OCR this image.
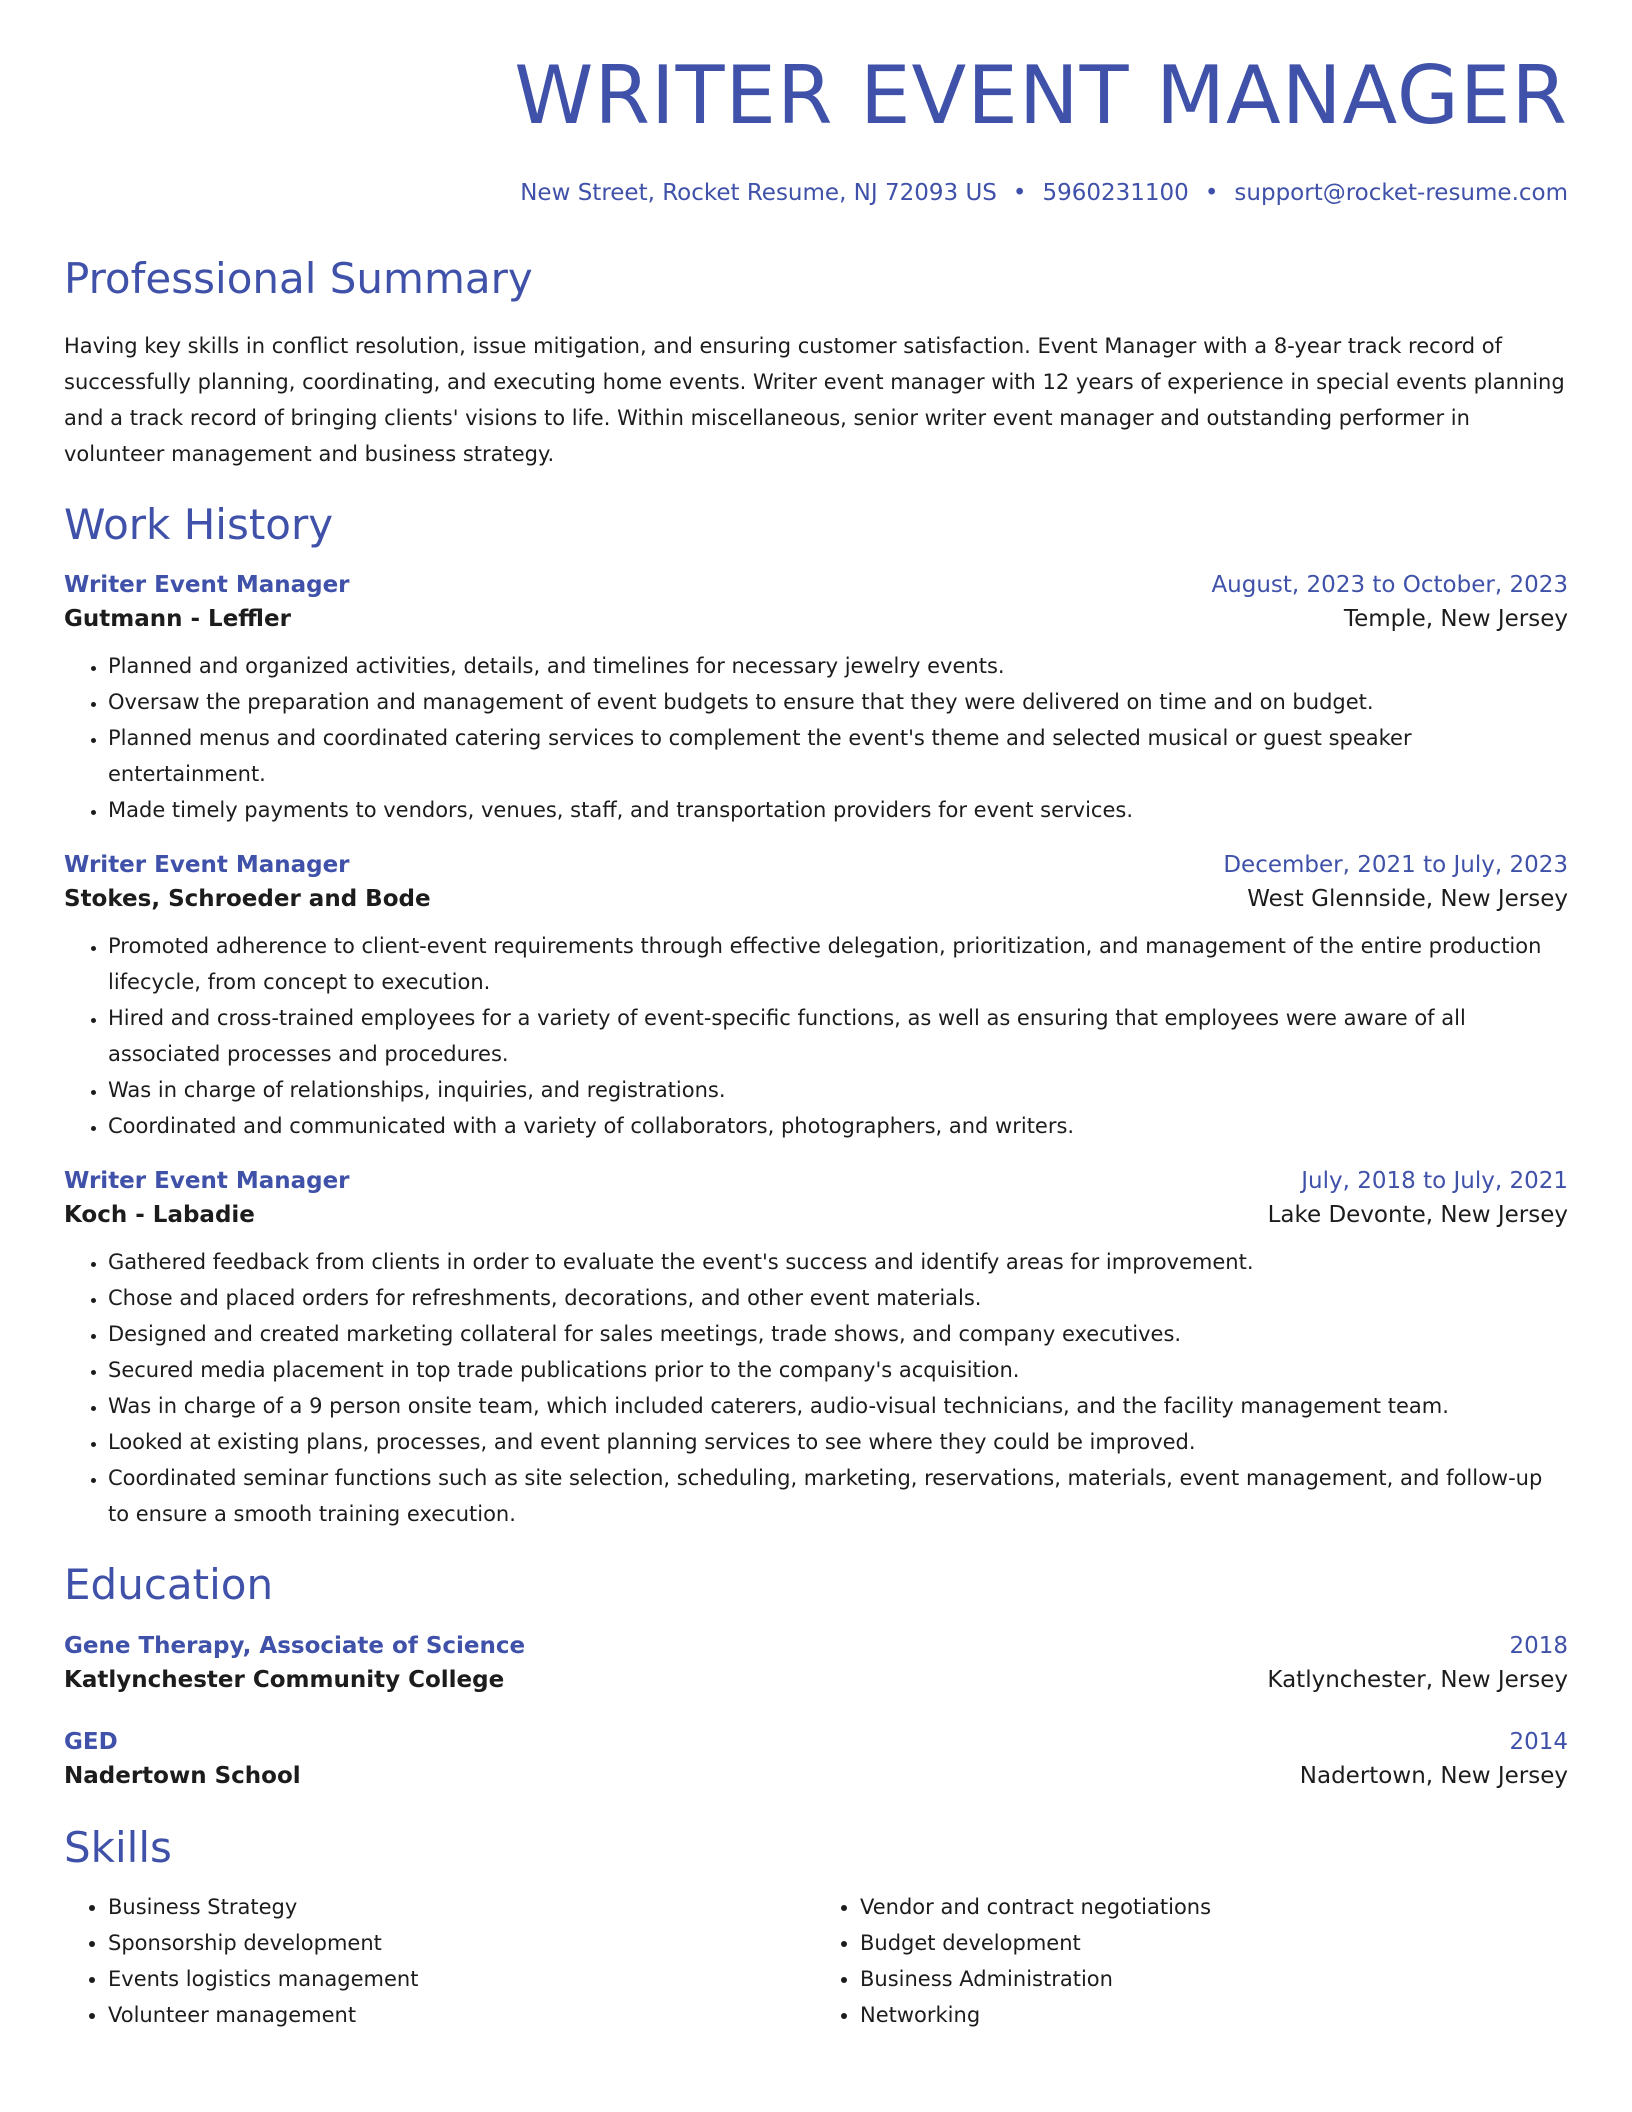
WRITER EVENT MANAGER
New Street, Rocket Resume, NJ 72093 US • 5960231100 • support@rocket-resume.com
Professional Summary
Having key skills in conflict resolution, issue mitigation, and ensuring customer satisfaction. Event Manager with a 8-year track record of successfully planning, coordinating, and executing home events. Writer event manager with 12 years of experience in special events planning and a track record of bringing clients' visions to life. Within miscellaneous, senior writer event manager and outstanding performer in volunteer management and business strategy.
Work History
Writer Event Manager	August, 2023 to October, 2023
Gutmann - Leffler	Temple, New Jersey
• Planned and organized activities, details, and timelines for necessary jewelry events.
• Oversaw the preparation and management of event budgets to ensure that they were delivered on time and on budget.
• Planned menus and coordinated catering services to complement the event's theme and selected musical or guest speaker entertainment.
• Made timely payments to vendors, venues, staff, and transportation providers for event services.
Writer Event Manager	December, 2021 to July, 2023
Stokes, Schroeder and Bode	West Glennside, New Jersey
• Promoted adherence to client-event requirements through effective delegation, prioritization, and management of the entire production lifecycle, from concept to execution.
• Hired and cross-trained employees for a variety of event-specific functions, as well as ensuring that employees were aware of all associated processes and procedures.
• Was in charge of relationships, inquiries, and registrations.
• Coordinated and communicated with a variety of collaborators, photographers, and writers.
Writer Event Manager	July, 2018 to July, 2021
Koch - Labadie	Lake Devonte, New Jersey
• Gathered feedback from clients in order to evaluate the event's success and identify areas for improvement.
• Chose and placed orders for refreshments, decorations, and other event materials.
• Designed and created marketing collateral for sales meetings, trade shows, and company executives.
• Secured media placement in top trade publications prior to the company's acquisition.
• Was in charge of a 9 person onsite team, which included caterers, audio-visual technicians, and the facility management team.
• Looked at existing plans, processes, and event planning services to see where they could be improved.
• Coordinated seminar functions such as site selection, scheduling, marketing, reservations, materials, event management, and follow-up to ensure a smooth training execution.
Education
Gene Therapy, Associate of Science	2018
Katlynchester Community College	Katlynchester, New Jersey
GED	2014
Nadertown School	Nadertown, New Jersey
Skills
• Business Strategy
• Sponsorship development
• Events logistics management
• Volunteer management
• Vendor and contract negotiations
• Budget development
• Business Administration
• Networking
